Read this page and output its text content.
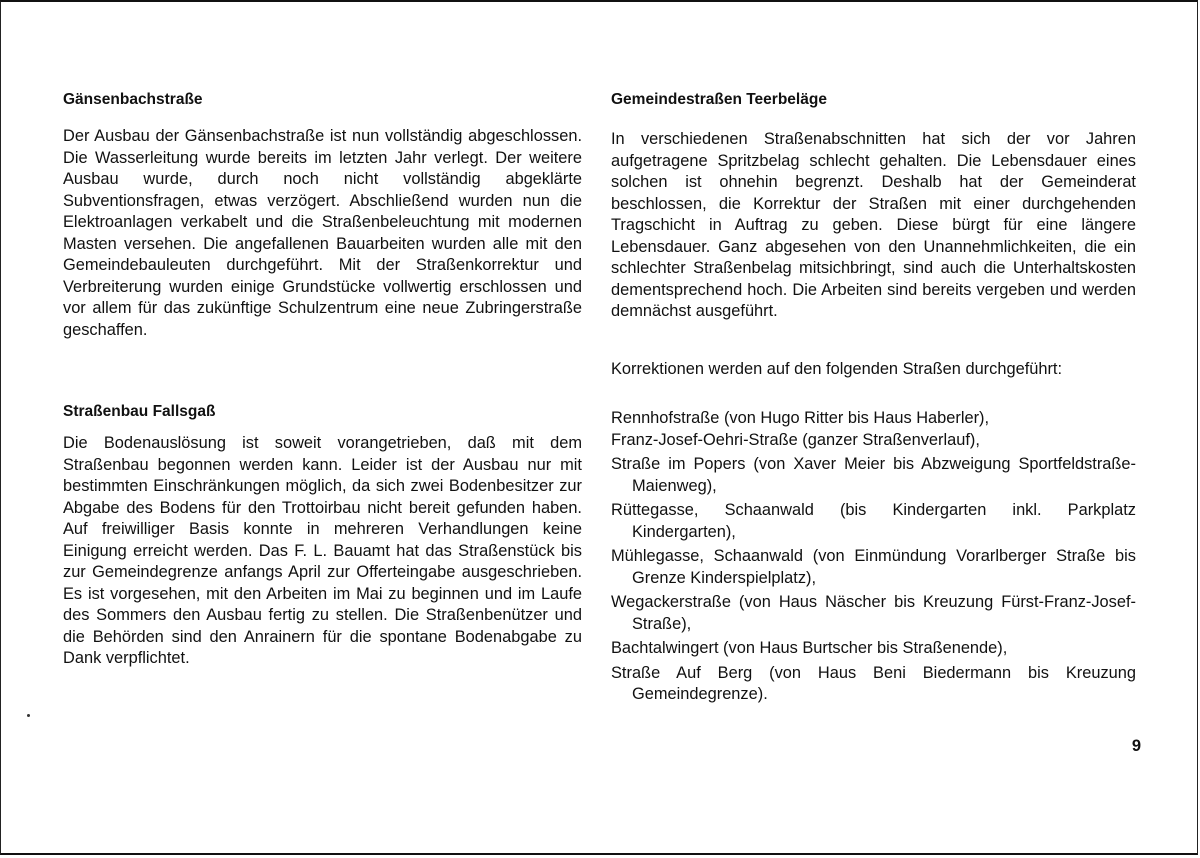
Gänsenbachstraße

Der Ausbau der Gänsenbachstraße ist nun vollständig abgeschlossen. Die Wasserleitung wurde bereits im letzten Jahr verlegt. Der weitere Ausbau wurde, durch noch nicht vollständig abgeklärte Subventionsfragen, etwas verzögert. Abschließend wurden nun die Elektroanlagen verkabelt und die Straßenbeleuchtung mit modernen Masten versehen. Die angefallenen Bauarbeiten wurden alle mit den Gemeindebauleuten durchgeführt. Mit der Straßenkorrektur und Verbreiterung wurden einige Grundstücke vollwertig erschlossen und vor allem für das zukünftige Schulzentrum eine neue Zubringerstraße geschaffen.

Straßenbau Fallsgaß

Die Bodenauslösung ist soweit vorangetrieben, daß mit dem Straßenbau begonnen werden kann. Leider ist der Ausbau nur mit bestimmten Einschränkungen möglich, da sich zwei Bodenbesitzer zur Abgabe des Bodens für den Trottoirbau nicht bereit gefunden haben. Auf freiwilliger Basis konnte in mehreren Verhandlungen keine Einigung erreicht werden. Das F. L. Bauamt hat das Straßenstück bis zur Gemeindegrenze anfangs April zur Offerteingabe ausgeschrieben. Es ist vorgesehen, mit den Arbeiten im Mai zu beginnen und im Laufe des Sommers den Ausbau fertig zu stellen. Die Straßenbenützer und die Behörden sind den Anrainern für die spontane Bodenabgabe zu Dank verpflichtet.

Gemeindestraßen Teerbeläge

In verschiedenen Straßenabschnitten hat sich der vor Jahren aufgetragene Spritzbelag schlecht gehalten. Die Lebensdauer eines solchen ist ohnehin begrenzt. Deshalb hat der Gemeinderat beschlossen, die Korrektur der Straßen mit einer durchgehenden Tragschicht in Auftrag zu geben. Diese bürgt für eine längere Lebensdauer. Ganz abgesehen von den Unannehmlichkeiten, die ein schlechter Straßenbelag mitsichbringt, sind auch die Unterhaltskosten dementsprechend hoch. Die Arbeiten sind bereits vergeben und werden demnächst ausgeführt.

Korrektionen werden auf den folgenden Straßen durchgeführt:

Rennhofstraße (von Hugo Ritter bis Haus Haberler),
Franz-Josef-Oehri-Straße (ganzer Straßenverlauf),
Straße im Popers (von Xaver Meier bis Abzweigung Sportfeldstraße-Maienweg),
Rüttegasse, Schaanwald (bis Kindergarten inkl. Parkplatz Kindergarten),
Mühlegasse, Schaanwald (von Einmündung Vorarlberger Straße bis Grenze Kinderspielplatz),
Wegackerstraße (von Haus Näscher bis Kreuzung Fürst-Franz-Josef-Straße),
Bachtalwingert (von Haus Burtscher bis Straßenende),
Straße Auf Berg (von Haus Beni Biedermann bis Kreuzung Gemeindegrenze).
9
